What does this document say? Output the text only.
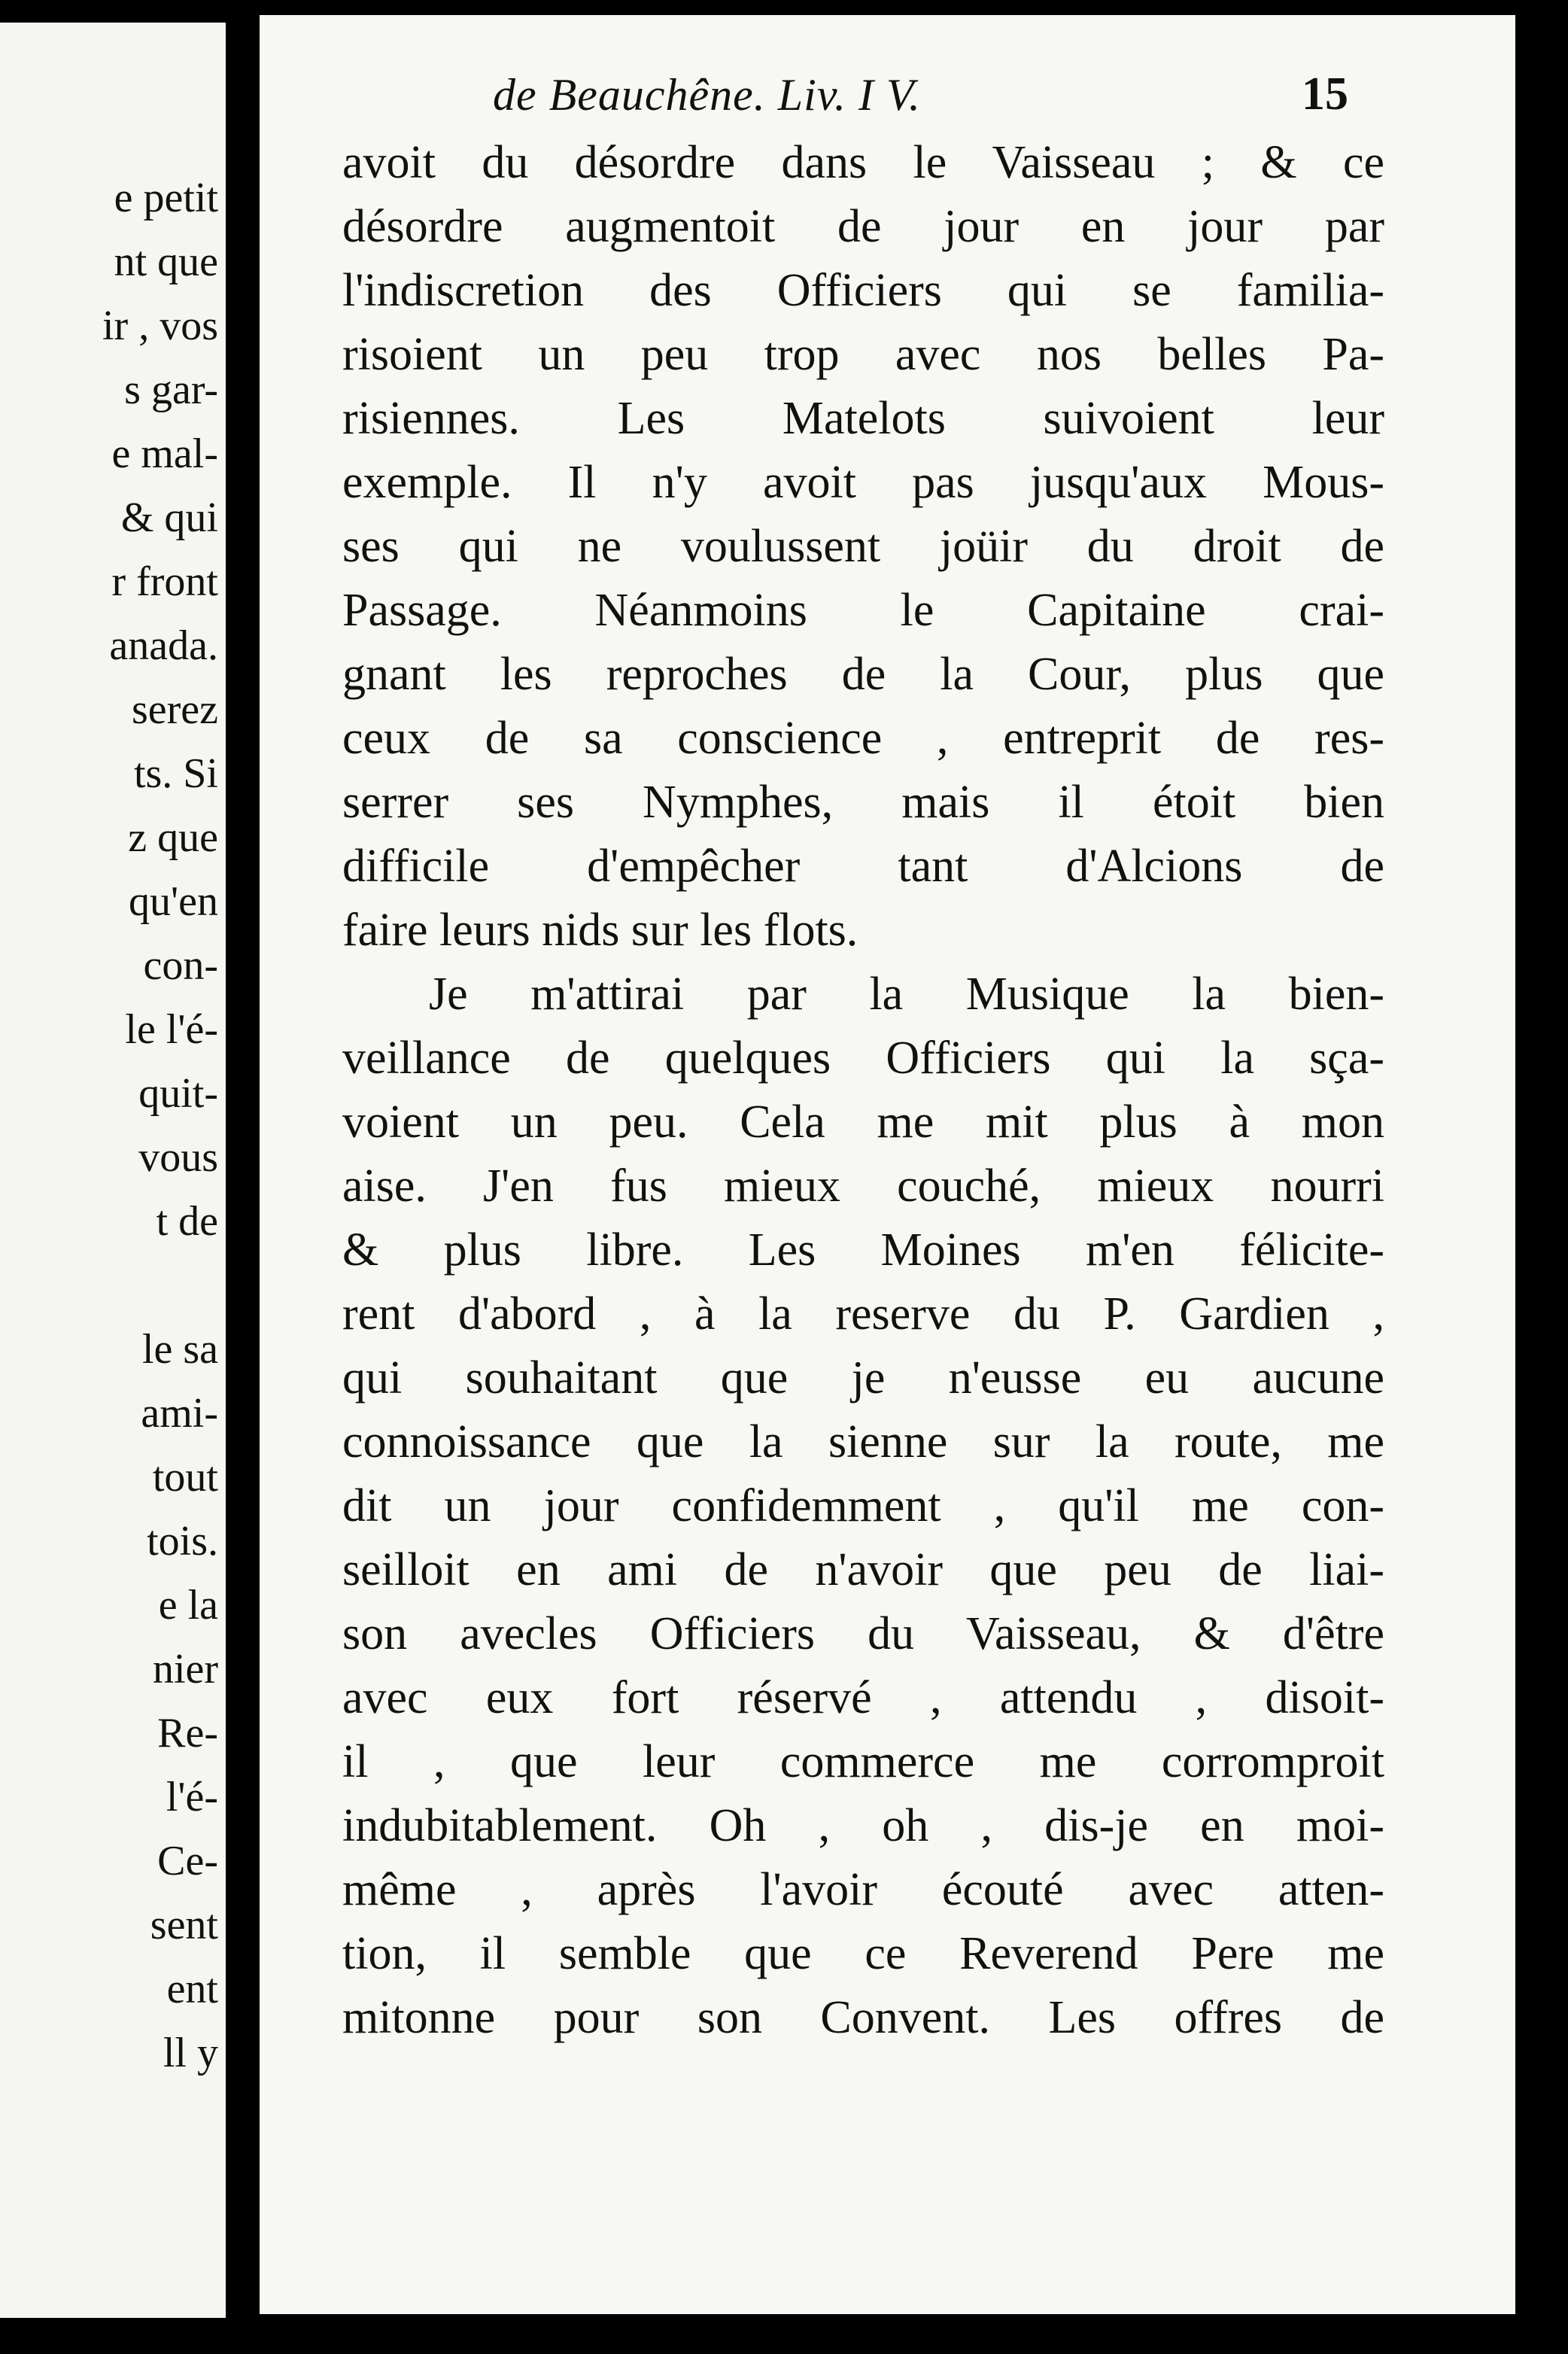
e petit
nt que
ir , vos
s gar-
e mal-
& qui
r front
anada.
serez
ts. Si
z que
qu'en
con-
le l'é-
quit-
vous
t de
le sa
ami-
tout
tois.
e la
nier
Re-
l'é-
Ce-
sent
ent
ll y
de Beauchêne. Liv. I V.	15
avoit du désordre dans le Vaisseau ; & ce
désordre augmentoit de jour en jour par
l'indiscretion des Officiers qui se familia-
risoient un peu trop avec nos belles Pa-
risiennes. Les Matelots suivoient leur
exemple. Il n'y avoit pas jusqu'aux Mous-
ses qui ne voulussent joüir du droit de
Passage. Néanmoins le Capitaine crai-
gnant les reproches de la Cour, plus que
ceux de sa conscience , entreprit de res-
serrer ses Nymphes, mais il étoit bien
difficile d'empêcher tant d'Alcions de
faire leurs nids sur les flots.
Je m'attirai par la Musique la bien-
veillance de quelques Officiers qui la sça-
voient un peu. Cela me mit plus à mon
aise. J'en fus mieux couché, mieux nourri
& plus libre. Les Moines m'en félicite-
rent d'abord , à la reserve du P. Gardien ,
qui souhaitant que je n'eusse eu aucune
connoissance que la sienne sur la route, me
dit un jour confidemment , qu'il me con-
seilloit en ami de n'avoir que peu de liai-
son avecles Officiers du Vaisseau, & d'être
avec eux fort réservé , attendu , disoit-
il , que leur commerce me corromproit
indubitablement. Oh , oh , dis-je en moi-
même , après l'avoir écouté avec atten-
tion, il semble que ce Reverend Pere me
mitonne pour son Convent. Les offres de
